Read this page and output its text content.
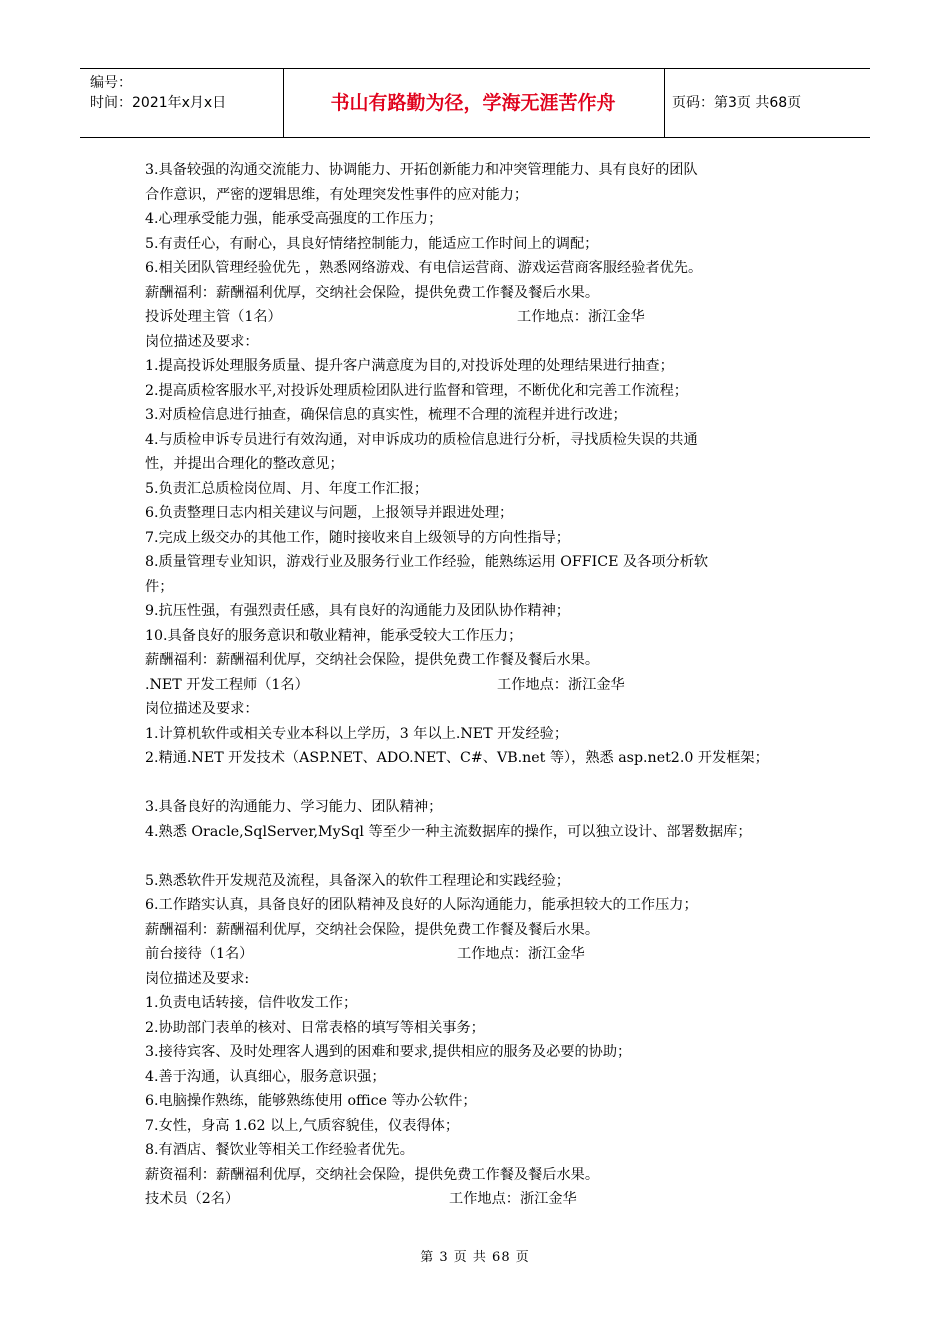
编号：
时间：2021年x月x日	书山有路勤为径，学海无涯苦作舟	页码：第3页 共68页
3.具备较强的沟通交流能力、协调能力、开拓创新能力和冲突管理能力、具有良好的团队
合作意识，严密的逻辑思维，有处理突发性事件的应对能力；
4.心理承受能力强，能承受高强度的工作压力；
5.有责任心，有耐心，具良好情绪控制能力，能适应工作时间上的调配；
6.相关团队管理经验优先 ，熟悉网络游戏、有电信运营商、游戏运营商客服经验者优先。
薪酬福利：薪酬福利优厚，交纳社会保险，提供免费工作餐及餐后水果。
投诉处理主管（1名）	工作地点：浙江金华
岗位描述及要求：
1.提高投诉处理服务质量、提升客户满意度为目的,对投诉处理的处理结果进行抽查；
2.提高质检客服水平,对投诉处理质检团队进行监督和管理，不断优化和完善工作流程；
3.对质检信息进行抽查，确保信息的真实性，梳理不合理的流程并进行改进；
4.与质检申诉专员进行有效沟通，对申诉成功的质检信息进行分析，寻找质检失误的共通
性，并提出合理化的整改意见；
5.负责汇总质检岗位周、月、年度工作汇报；
6.负责整理日志内相关建议与问题，上报领导并跟进处理；
7.完成上级交办的其他工作，随时接收来自上级领导的方向性指导；
8.质量管理专业知识，游戏行业及服务行业工作经验，能熟练运用 OFFICE 及各项分析软
件；
9.抗压性强，有强烈责任感，具有良好的沟通能力及团队协作精神；
10.具备良好的服务意识和敬业精神，能承受较大工作压力；
薪酬福利：薪酬福利优厚，交纳社会保险，提供免费工作餐及餐后水果。
.NET 开发工程师（1名）	工作地点：浙江金华
岗位描述及要求：
1.计算机软件或相关专业本科以上学历，3 年以上.NET 开发经验；
2.精通.NET 开发技术（ASP.NET、ADO.NET、C#、VB.net 等），熟悉 asp.net2.0 开发框架；
3.具备良好的沟通能力、学习能力、团队精神；
4.熟悉 Oracle,SqlServer,MySql 等至少一种主流数据库的操作，可以独立设计、部署数据库；
5.熟悉软件开发规范及流程，具备深入的软件工程理论和实践经验；
6.工作踏实认真，具备良好的团队精神及良好的人际沟通能力，能承担较大的工作压力；
薪酬福利：薪酬福利优厚，交纳社会保险，提供免费工作餐及餐后水果。
前台接待（1名）	工作地点：浙江金华
岗位描述及要求:
1.负责电话转接，信件收发工作；
2.协助部门表单的核对、日常表格的填写等相关事务；
3.接待宾客、及时处理客人遇到的困难和要求,提供相应的服务及必要的协助；
4.善于沟通，认真细心，服务意识强；
6.电脑操作熟练，能够熟练使用 office 等办公软件；
7.女性，身高 1.62 以上,气质容貌佳，仪表得体；
8.有酒店、餐饮业等相关工作经验者优先。
薪资福利：薪酬福利优厚，交纳社会保险，提供免费工作餐及餐后水果。
技术员（2名）	工作地点：浙江金华
第 3 页 共 68 页
